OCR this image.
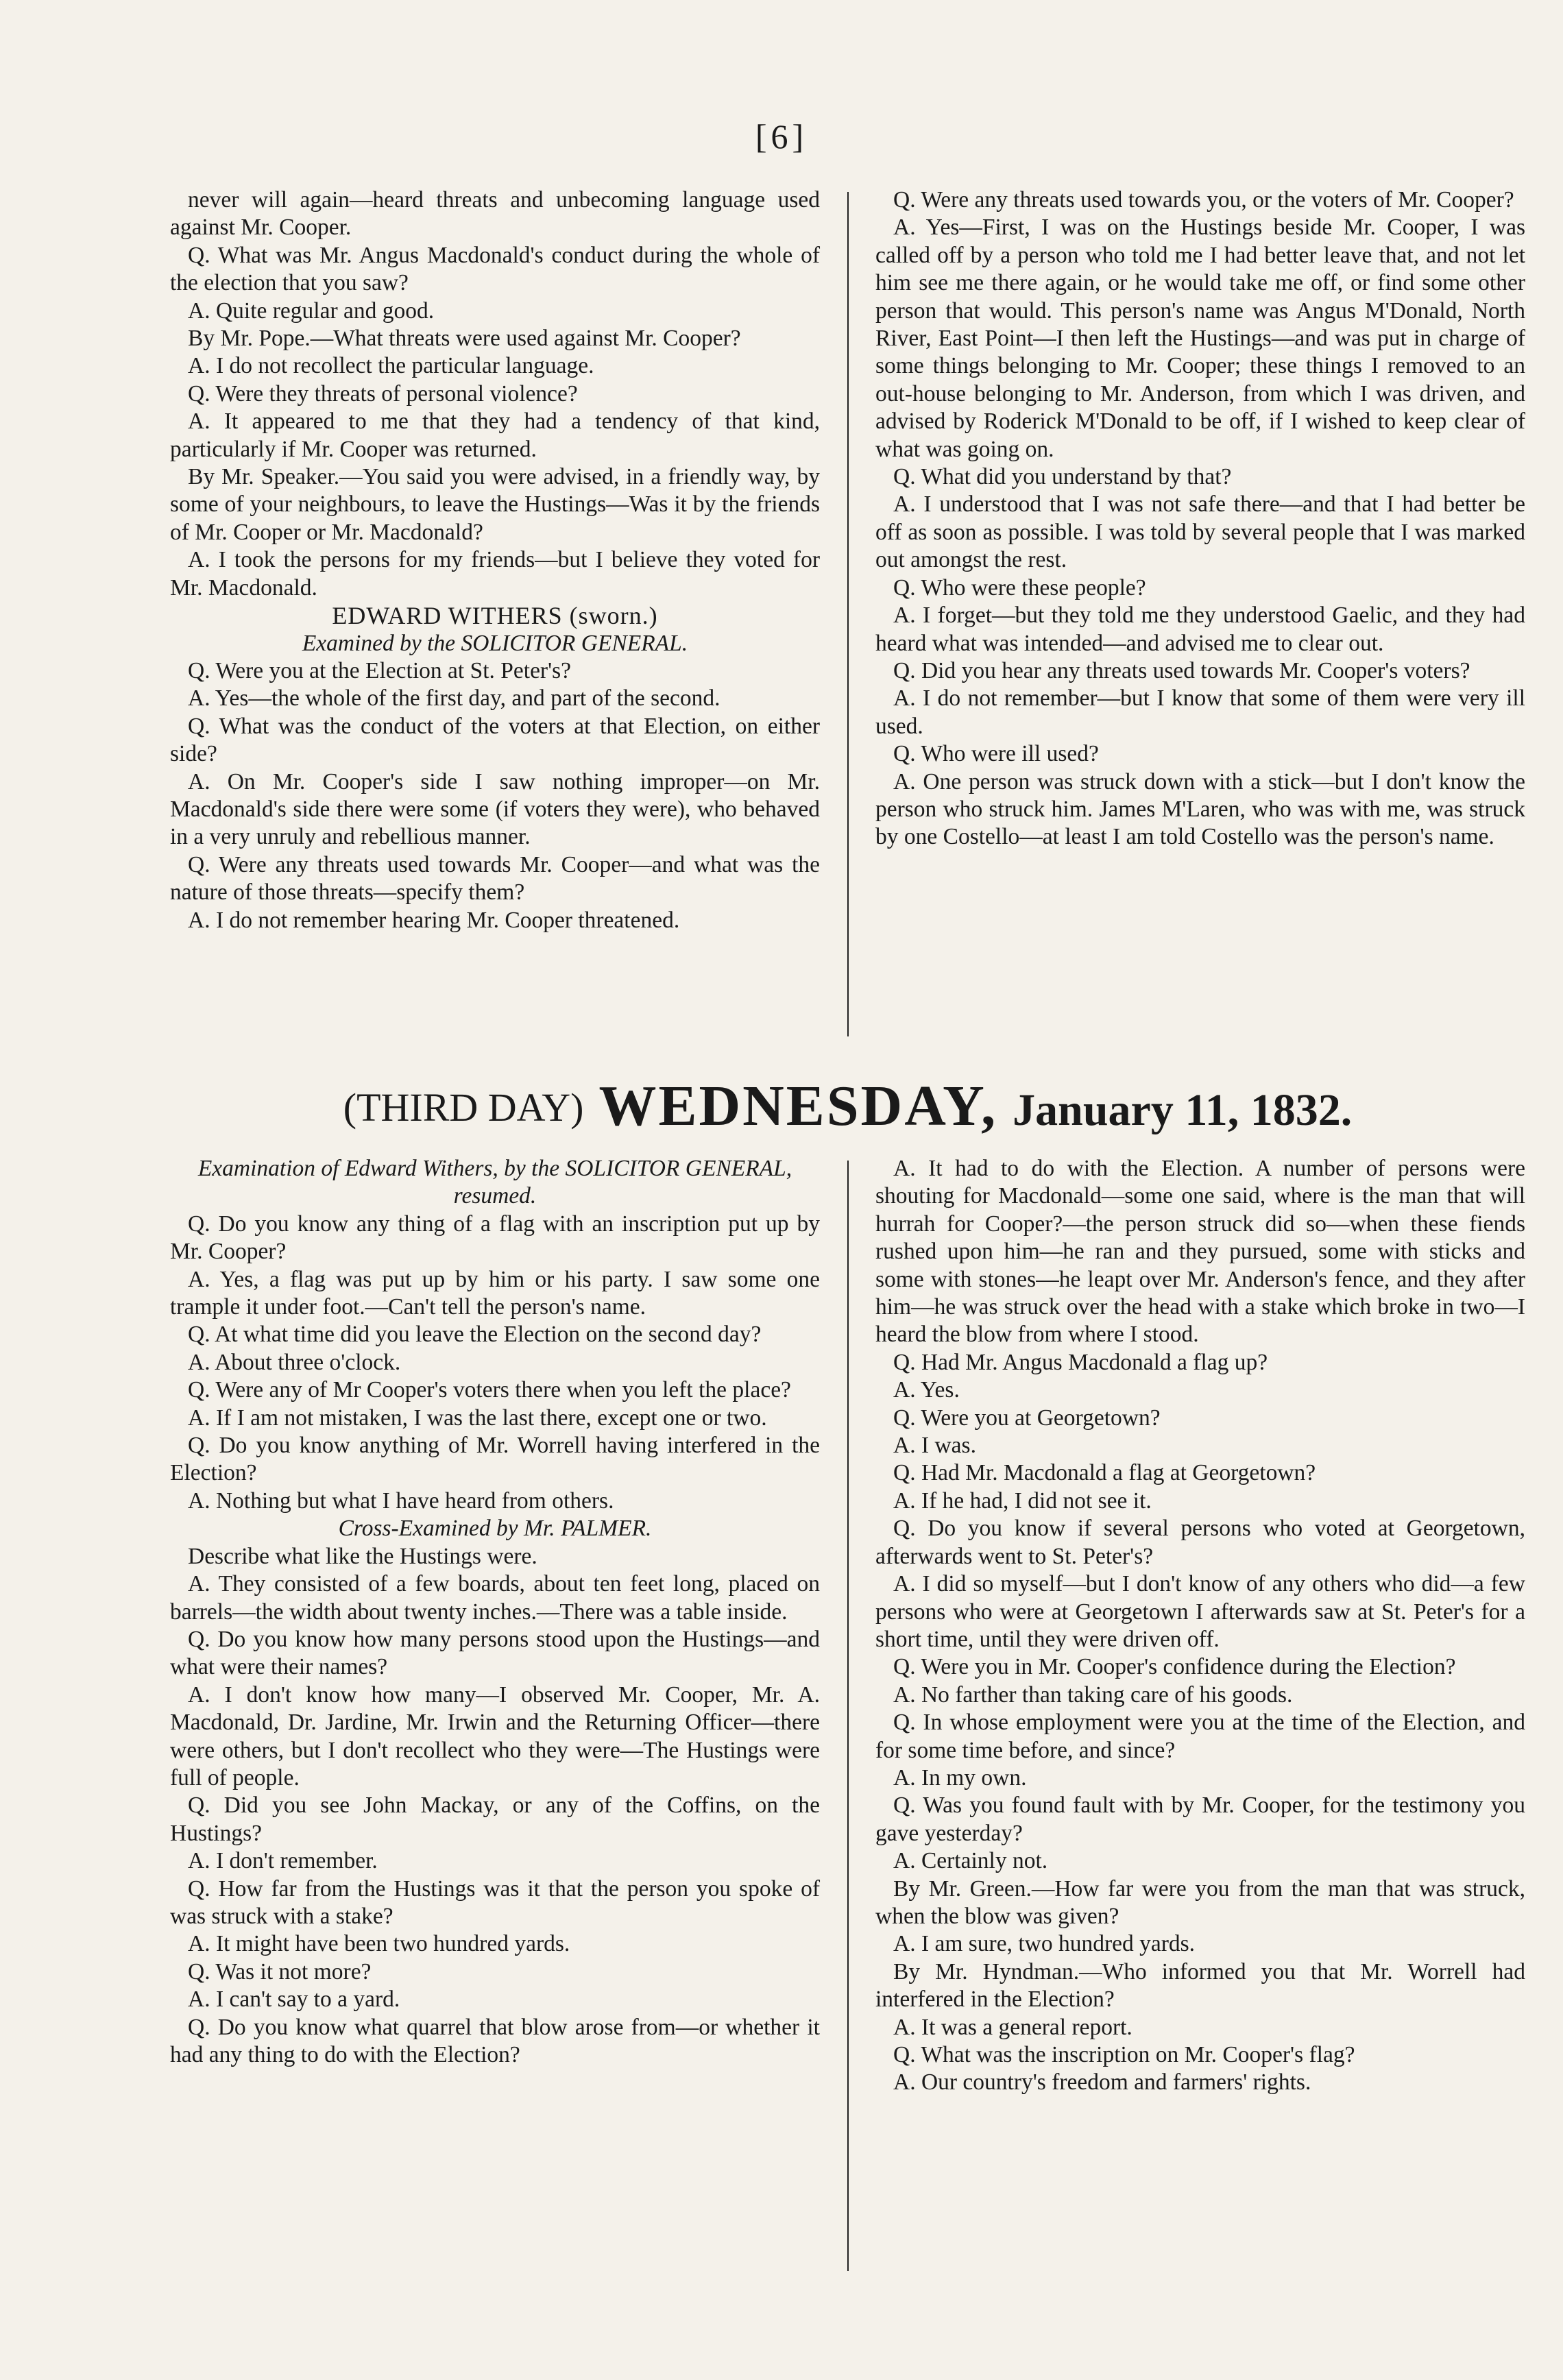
[6]

never will again—heard threats and unbecoming language used against Mr. Cooper.

Q. What was Mr. Angus Macdonald's conduct during the whole of the election that you saw?

A. Quite regular and good.

By Mr. Pope.—What threats were used against Mr. Cooper?

A. I do not recollect the particular language.

Q. Were they threats of personal violence?

A. It appeared to me that they had a tendency of that kind, particularly if Mr. Cooper was returned.

By Mr. Speaker.—You said you were advised, in a friendly way, by some of your neighbours, to leave the Hustings—Was it by the friends of Mr. Cooper or Mr. Macdonald?

A. I took the persons for my friends—but I believe they voted for Mr. Macdonald.

EDWARD WITHERS (sworn.)

Examined by the SOLICITOR GENERAL.

Q. Were you at the Election at St. Peter's?

A. Yes—the whole of the first day, and part of the second.

Q. What was the conduct of the voters at that Election, on either side?

A. On Mr. Cooper's side I saw nothing improper—on Mr. Macdonald's side there were some (if voters they were), who behaved in a very unruly and rebellious manner.

Q. Were any threats used towards Mr. Cooper—and what was the nature of those threats—specify them?

A. I do not remember hearing Mr. Cooper threatened.

Q. Were any threats used towards you, or the voters of Mr. Cooper?

A. Yes—First, I was on the Hustings beside Mr. Cooper, I was called off by a person who told me I had better leave that, and not let him see me there again, or he would take me off, or find some other person that would. This person's name was Angus M'Donald, North River, East Point—I then left the Hustings—and was put in charge of some things belonging to Mr. Cooper; these things I removed to an out-house belonging to Mr. Anderson, from which I was driven, and advised by Roderick M'Donald to be off, if I wished to keep clear of what was going on.

Q. What did you understand by that?

A. I understood that I was not safe there—and that I had better be off as soon as possible. I was told by several people that I was marked out amongst the rest.

Q. Who were these people?

A. I forget—but they told me they understood Gaelic, and they had heard what was intended—and advised me to clear out.

Q. Did you hear any threats used towards Mr. Cooper's voters?

A. I do not remember—but I know that some of them were very ill used.

Q. Who were ill used?

A. One person was struck down with a stick—but I don't know the person who struck him. James M'Laren, who was with me, was struck by one Costello—at least I am told Costello was the person's name.

(THIRD DAY) WEDNESDAY, January 11, 1832.

Examination of Edward Withers, by the SOLICITOR GENERAL, resumed.

Q. Do you know any thing of a flag with an inscription put up by Mr. Cooper?

A. Yes, a flag was put up by him or his party. I saw some one trample it under foot.—Can't tell the person's name.

Q. At what time did you leave the Election on the second day?

A. About three o'clock.

Q. Were any of Mr Cooper's voters there when you left the place?

A. If I am not mistaken, I was the last there, except one or two.

Q. Do you know anything of Mr. Worrell having interfered in the Election?

A. Nothing but what I have heard from others.

Cross-Examined by Mr. PALMER.

Describe what like the Hustings were.

A. They consisted of a few boards, about ten feet long, placed on barrels—the width about twenty inches.—There was a table inside.

Q. Do you know how many persons stood upon the Hustings—and what were their names?

A. I don't know how many—I observed Mr. Cooper, Mr. A. Macdonald, Dr. Jardine, Mr. Irwin and the Returning Officer—there were others, but I don't recollect who they were—The Hustings were full of people.

Q. Did you see John Mackay, or any of the Coffins, on the Hustings?

A. I don't remember.

Q. How far from the Hustings was it that the person you spoke of was struck with a stake?

A. It might have been two hundred yards.

Q. Was it not more?

A. I can't say to a yard.

Q. Do you know what quarrel that blow arose from—or whether it had any thing to do with the Election?

A. It had to do with the Election. A number of persons were shouting for Macdonald—some one said, where is the man that will hurrah for Cooper?—the person struck did so—when these fiends rushed upon him—he ran and they pursued, some with sticks and some with stones—he leapt over Mr. Anderson's fence, and they after him—he was struck over the head with a stake which broke in two—I heard the blow from where I stood.

Q. Had Mr. Angus Macdonald a flag up?

A. Yes.

Q. Were you at Georgetown?

A. I was.

Q. Had Mr. Macdonald a flag at Georgetown?

A. If he had, I did not see it.

Q. Do you know if several persons who voted at Georgetown, afterwards went to St. Peter's?

A. I did so myself—but I don't know of any others who did—a few persons who were at Georgetown I afterwards saw at St. Peter's for a short time, until they were driven off.

Q. Were you in Mr. Cooper's confidence during the Election?

A. No farther than taking care of his goods.

Q. In whose employment were you at the time of the Election, and for some time before, and since?

A. In my own.

Q. Was you found fault with by Mr. Cooper, for the testimony you gave yesterday?

A. Certainly not.

By Mr. Green.—How far were you from the man that was struck, when the blow was given?

A. I am sure, two hundred yards.

By Mr. Hyndman.—Who informed you that Mr. Worrell had interfered in the Election?

A. It was a general report.

Q. What was the inscription on Mr. Cooper's flag?

A. Our country's freedom and farmers' rights.
